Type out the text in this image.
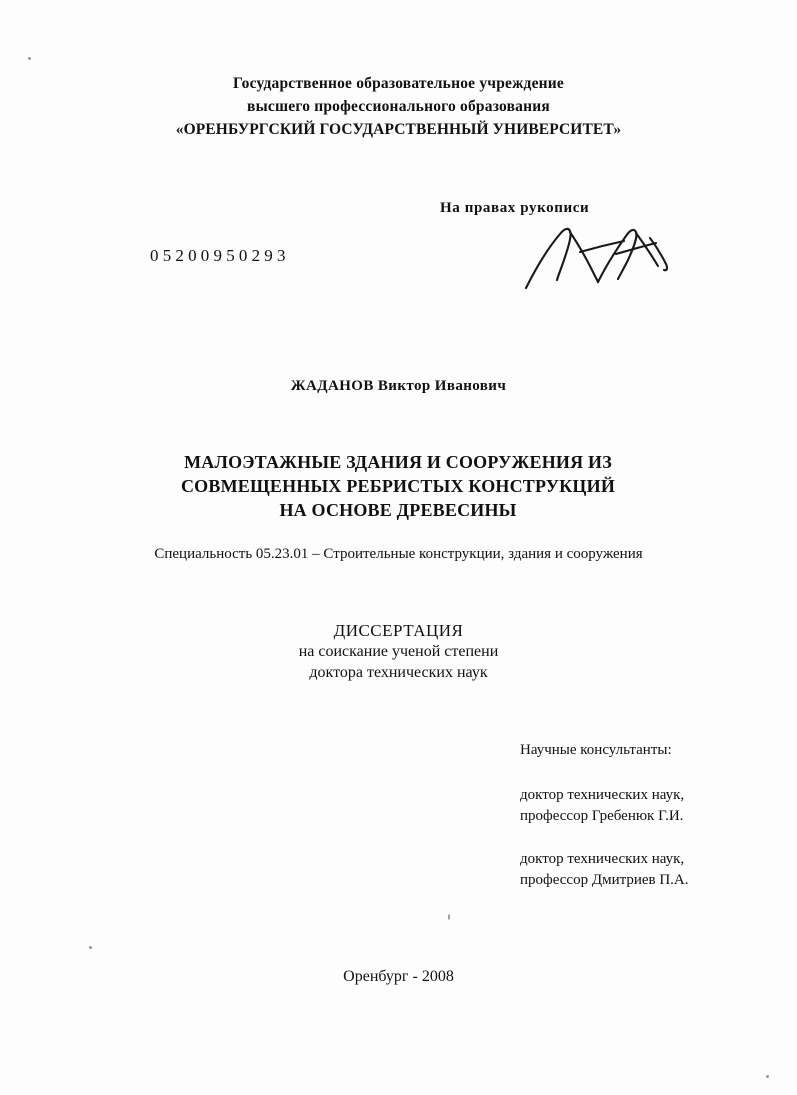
Государственное образовательное учреждение
высшего профессионального образования
«ОРЕНБУРГСКИЙ ГОСУДАРСТВЕННЫЙ УНИВЕРСИТЕТ»
На правах рукописи
05200950293
ЖАДАНОВ Виктор Иванович
МАЛОЭТАЖНЫЕ ЗДАНИЯ И СООРУЖЕНИЯ ИЗ
СОВМЕЩЕННЫХ РЕБРИСТЫХ КОНСТРУКЦИЙ
НА ОСНОВЕ ДРЕВЕСИНЫ
Специальность 05.23.01 – Строительные конструкции, здания и сооружения
ДИССЕРТАЦИЯ
на соискание ученой степени
доктора технических наук
Научные консультанты:
доктор технических наук,
профессор Гребенюк Г.И.
доктор технических наук,
профессор Дмитриев П.А.
Оренбург - 2008
